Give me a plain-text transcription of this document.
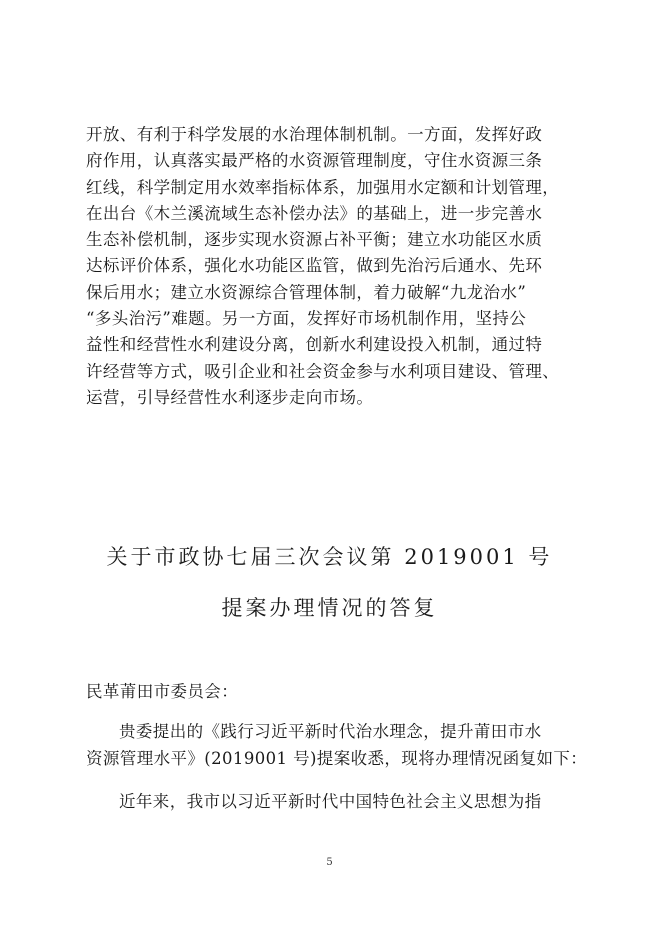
开放、有利于科学发展的水治理体制机制。一方面，发挥好政
府作用，认真落实最严格的水资源管理制度，守住水资源三条
红线，科学制定用水效率指标体系，加强用水定额和计划管理，
在出台《木兰溪流域生态补偿办法》的基础上，进一步完善水
生态补偿机制，逐步实现水资源占补平衡；建立水功能区水质
达标评价体系，强化水功能区监管，做到先治污后通水、先环
保后用水；建立水资源综合管理体制，着力破解“九龙治水”
“多头治污”难题。另一方面，发挥好市场机制作用，坚持公
益性和经营性水利建设分离，创新水利建设投入机制，通过特
许经营等方式，吸引企业和社会资金参与水利项目建设、管理、
运营，引导经营性水利逐步走向市场。
关于市政协七届三次会议第 2019001 号
提案办理情况的答复
民革莆田市委员会：
贵委提出的《践行习近平新时代治水理念，提升莆田市水
资源管理水平》(2019001 号)提案收悉，现将办理情况函复如下：
近年来，我市以习近平新时代中国特色社会主义思想为指
5
